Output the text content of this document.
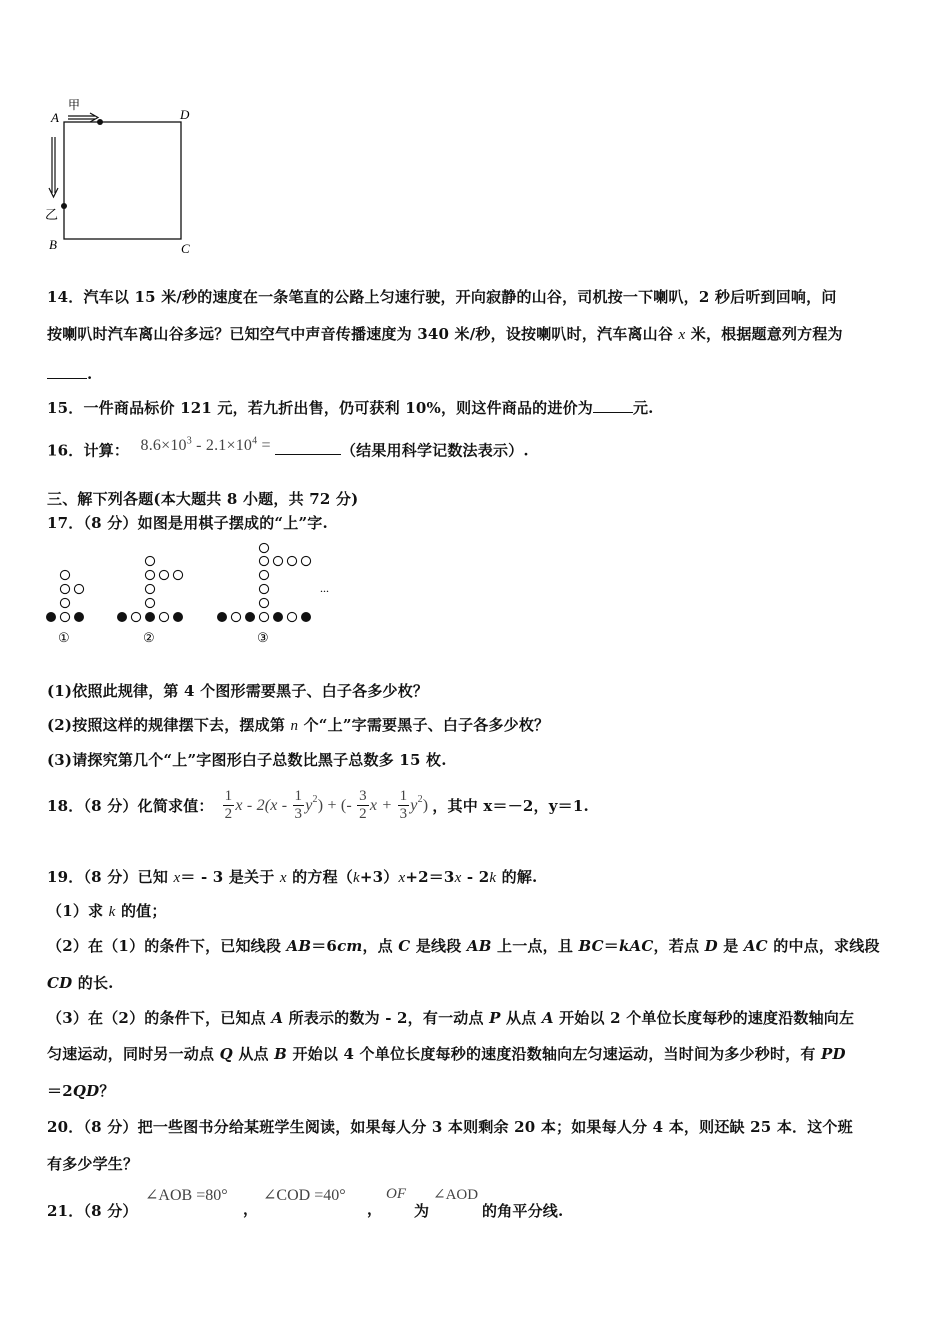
A	D
B	C
甲
乙
14．汽车以 15 米/秒的速度在一条笔直的公路上匀速行驶，开向寂静的山谷，司机按一下喇叭，2 秒后听到回响，问
按喇叭时汽车离山谷多远？已知空气中声音传播速度为 340 米/秒，设按喇叭时，汽车离山谷 x 米，根据题意列方程为
.
15．一件商品标价 121 元，若九折出售，仍可获利 10%，则这件商品的进价为	元.
16．计算： $8.6\times 10^3 - 2.1\times 10^4$ =	（结果用科学记数法表示）.
三、解下列各题(本大题共 8 小题，共 72 分)
17．（8 分）如图是用棋子摆成的“上”字.
...
①	②	③
(1)依照此规律，第 4 个图形需要黑子、白子各多少枚？
(2)按照这样的规律摆下去，摆成第 n 个“上”字需要黑子、白子各多少枚？
(3)请探究第几个“上”字图形白子总数比黑子总数多 15 枚.
18．（8 分）化简求值： $\frac{1}{2}$ x - $2(x - \frac{1}{3} y^2$ ) + (- $\frac{3}{2}$ $x + \frac{1}{3} y^2$ ) ，其中 x＝－2，y＝1.
19．（8 分）已知 x＝ - 3 是关于 x 的方程（k+3）x+2＝3x - 2k 的解.
（1）求 k 的值；
（2）在（1）的条件下，已知线段 AB＝6cm，点 C 是线段 AB 上一点，且 BC＝kAC，若点 D 是 AC 的中点，求线段
CD 的长.
（3）在（2）的条件下，已知点 A 所表示的数为 - 2，有一动点 P 从点 A 开始以 2 个单位长度每秒的速度沿数轴向左
匀速运动，同时另一动点 Q 从点 B 开始以 4 个单位长度每秒的速度沿数轴向左匀速运动，当时间为多少秒时，有 PD
＝2QD？
20．（8 分）把一些图书分给某班学生阅读，如果每人分 3 本则剩余 20 本；如果每人分 4 本，则还缺 25 本．这个班
有多少学生？
21．（8 分）
∠AOB =80°
，
∠COD =40°
，
OF
为
∠AOD
的角平分线.
